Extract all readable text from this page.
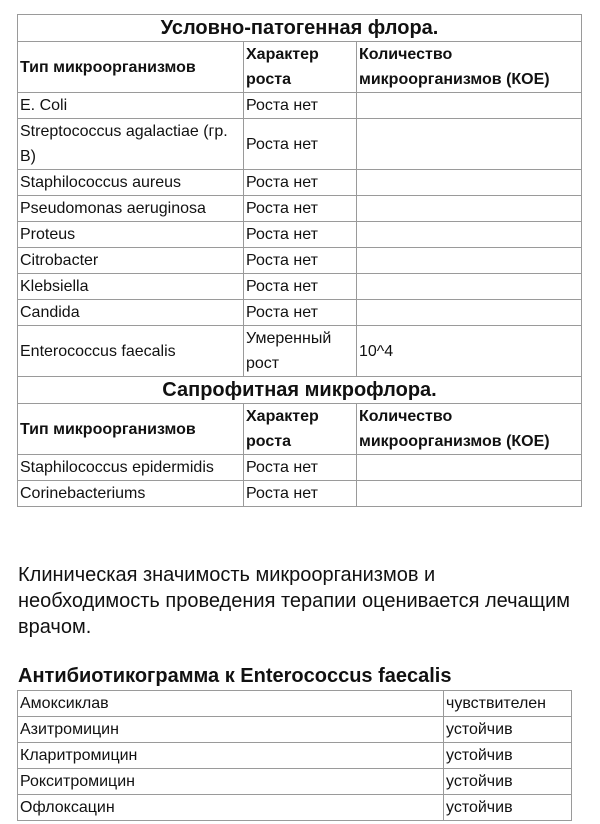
Условно-патогенная флора.		
Тип микроорганизмов	Характер роста	Количество микроорганизмов (КОЕ)
E. Coli	Роста нет	
Streptococcus agalactiae (гр. В)	Роста нет	
Staphilococcus aureus	Роста нет	
Pseudomonas aeruginosa	Роста нет	
Proteus	Роста нет	
Citrobacter	Роста нет	
Klebsiella	Роста нет	
Candida	Роста нет	
Enterococcus faecalis	Умеренный рост	10^4
Сапрофитная микрофлора.		
Тип микроорганизмов	Характер роста	Количество микроорганизмов (КОЕ)
Staphilococcus epidermidis	Роста нет	
Corinebacteriums	Роста нет	

Клиническая значимость микроорганизмов и необходимость проведения терапии оценивается лечащим врачом.

Антибиотикограмма к Enterococcus faecalis
Амоксиклав	чувствителен
Азитромицин	устойчив
Кларитромицин	устойчив
Рокситромицин	устойчив
Офлоксацин	устойчив
